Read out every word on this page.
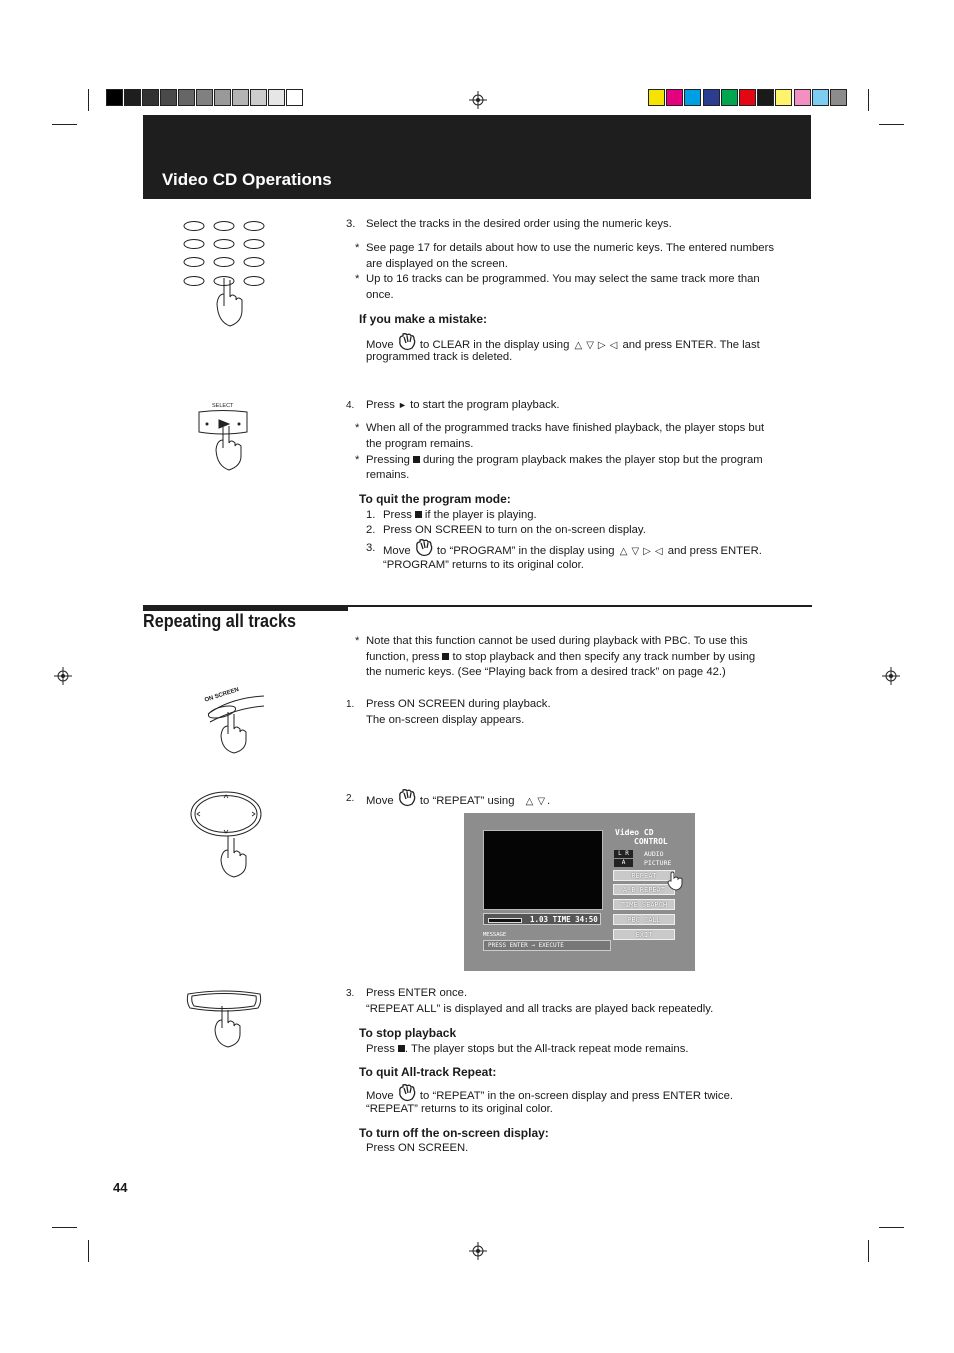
Video CD Operations
SELECT
ON SCREEN
3. Select the tracks in the desired order using the numeric keys.
* See page 17 for details about how to use the numeric keys. The entered numbers
are displayed on the screen.
* Up to 16 tracks can be programmed. You may select the same track more than
once.
If you make a mistake:
Move to CLEAR in the display using △ ▽ ▷ ◁ and press ENTER. The last
programmed track is deleted.
4. Press ► to start the program playback.
* When all of the programmed tracks have finished playback, the player stops but
the program remains.
* Pressing during the program playback makes the player stop but the program
remains.
To quit the program mode:
1. Press if the player is playing.
2. Press ON SCREEN to turn on the on-screen display.
3. Move to “PROGRAM” in the display using △ ▽ ▷ ◁ and press ENTER.
“PROGRAM” returns to its original color.
Repeating all tracks
* Note that this function cannot be used during playback with PBC. To use this
function, press to stop playback and then specify any track number by using
the numeric keys. (See “Playing back from a desired track” on page 42.)
1. Press ON SCREEN during playback.
The on-screen display appears.
2. Move to “REPEAT” using △ ▽ .
Video CD
CONTROL
L R	AUDIO
A	PICTURE
1.03 TIME 34:50
MESSAGE
PRESS ENTER → EXECUTE
REPEAT
A-B REPEAT
TIME SEARCH
PBC CALL
EXIT
3. Press ENTER once.
“REPEAT ALL” is displayed and all tracks are played back repeatedly.
To stop playback
Press . The player stops but the All-track repeat mode remains.
To quit All-track Repeat:
Move to “REPEAT” in the on-screen display and press ENTER twice.
“REPEAT” returns to its original color.
To turn off the on-screen display:
Press ON SCREEN.
44
